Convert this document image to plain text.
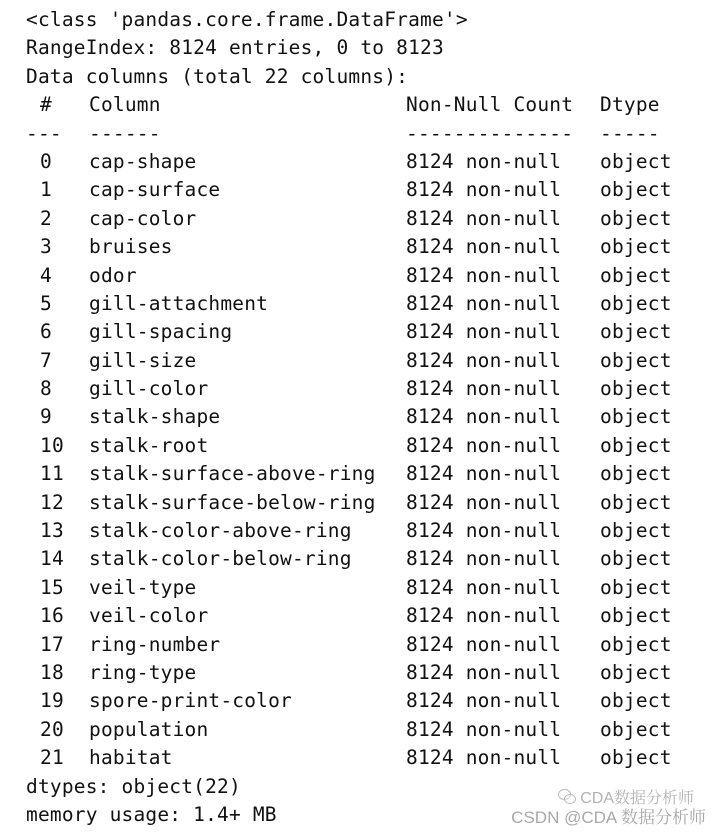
<class 'pandas.core.frame.DataFrame'>
RangeIndex: 8124 entries, 0 to 8123
Data columns (total 22 columns):
# Column	Non-Null Count Dtype
--- ------	-------------- -----
0 cap-shape	8124 non-null object
1 cap-surface	8124 non-null object
2 cap-color	8124 non-null object
3 bruises	8124 non-null object
4 odor	8124 non-null object
5 gill-attachment	8124 non-null object
6 gill-spacing	8124 non-null object
7 gill-size	8124 non-null object
8 gill-color	8124 non-null object
9 stalk-shape	8124 non-null object
10 stalk-root	8124 non-null object
11 stalk-surface-above-ring 8124 non-null object
12 stalk-surface-below-ring 8124 non-null object
13 stalk-color-above-ring	8124 non-null object
14 stalk-color-below-ring	8124 non-null object
15 veil-type	8124 non-null object
16 veil-color	8124 non-null object
17 ring-number	8124 non-null object
18 ring-type	8124 non-null object
19 spore-print-color	8124 non-null object
20 population	8124 non-null object
21 habitat	8124 non-null object
dtypes: object(22)
memory usage: 1.4+ MB
CDA数据分析师
CSDN @CDA 数据分析师
